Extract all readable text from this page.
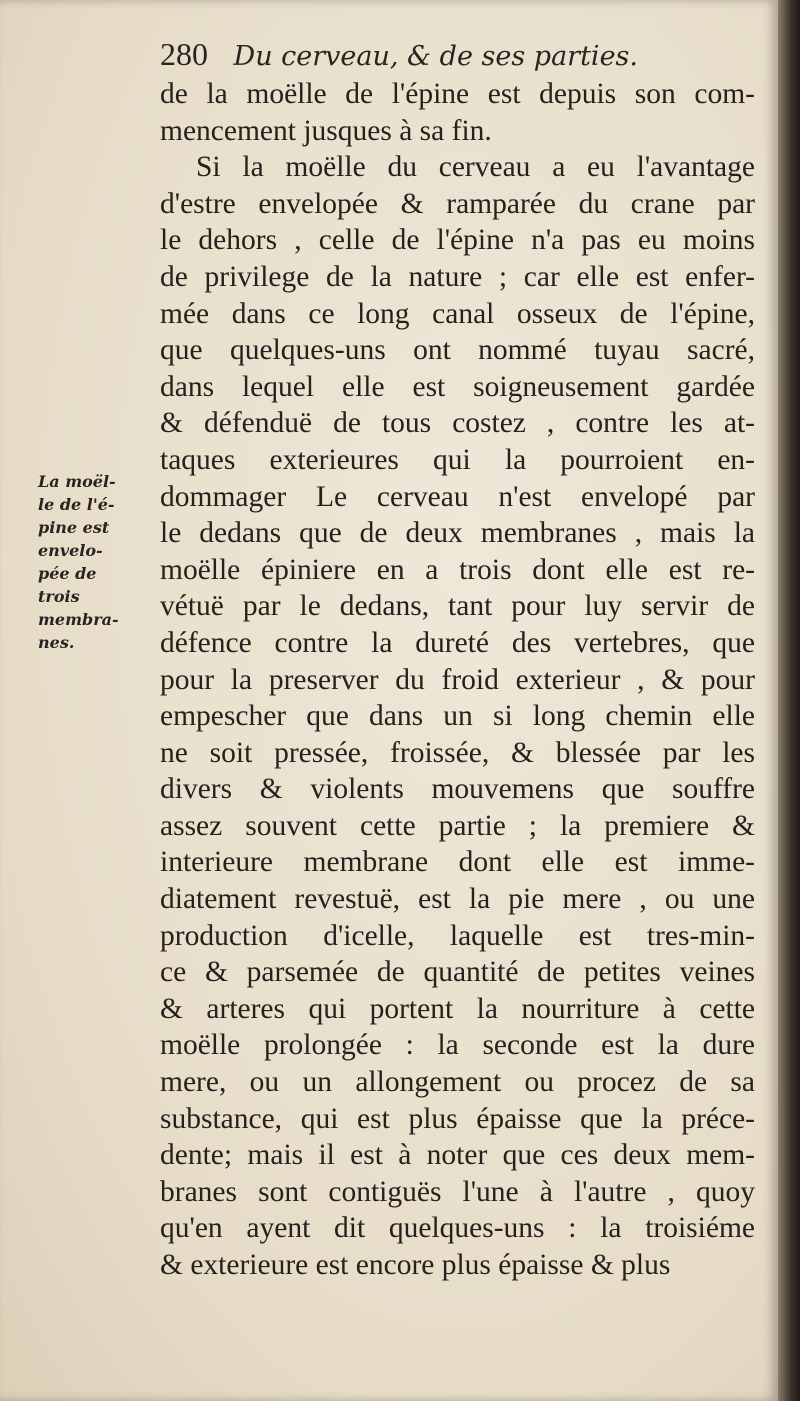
280 Du cerveau, & de ses parties.
La moël-
le de l'é-
pine est
envelo-
pée de
trois
membra-
nes.
de la moëlle de l'épine est depuis son com-
mencement jusques à sa fin.
Si la moëlle du cerveau a eu l'avantage
d'estre envelopée & ramparée du crane par
le dehors , celle de l'épine n'a pas eu moins
de privilege de la nature ; car elle est enfer-
mée dans ce long canal osseux de l'épine,
que quelques-uns ont nommé tuyau sacré,
dans lequel elle est soigneusement gardée
& défenduë de tous costez , contre les at-
taques exterieures qui la pourroient en-
dommager Le cerveau n'est envelopé par
le dedans que de deux membranes , mais la
moëlle épiniere en a trois dont elle est re-
vétuë par le dedans, tant pour luy servir de
défence contre la dureté des vertebres, que
pour la preserver du froid exterieur , & pour
empescher que dans un si long chemin elle
ne soit pressée, froissée, & blessée par les
divers & violents mouvemens que souffre
assez souvent cette partie ; la premiere &
interieure membrane dont elle est imme-
diatement revestuë, est la pie mere , ou une
production d'icelle, laquelle est tres-min-
ce & parsemée de quantité de petites veines
& arteres qui portent la nourriture à cette
moëlle prolongée : la seconde est la dure
mere, ou un allongement ou procez de sa
substance, qui est plus épaisse que la préce-
dente; mais il est à noter que ces deux mem-
branes sont contiguës l'une à l'autre , quoy
qu'en ayent dit quelques-uns : la troisiéme
& exterieure est encore plus épaisse & plus
